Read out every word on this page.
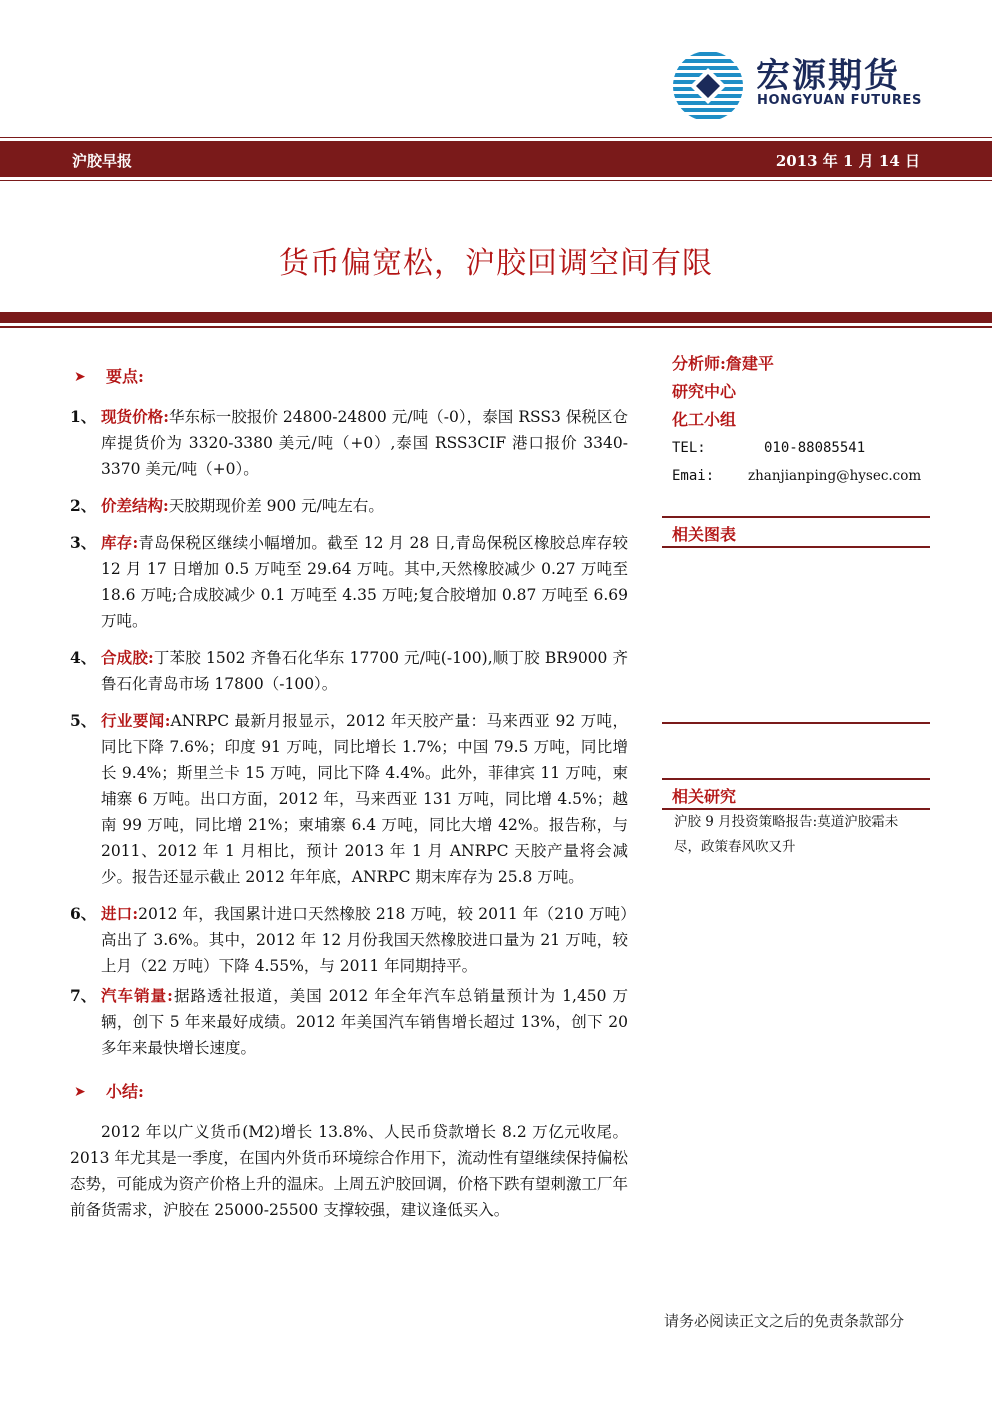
宏源期货
HONGYUAN FUTURES
沪胶早报	2013 年 1 月 14 日
货币偏宽松，沪胶回调空间有限
➤ 要点:
1、 现货价格:华东标一胶报价 24800-24800 元/吨（-0），泰国 RSS3 保税区仓库提货价为 3320-3380 美元/吨（+0）,泰国 RSS3CIF 港口报价 3340-3370 美元/吨（+0）。
2、 价差结构:天胶期现价差 900 元/吨左右。
3、 库存:青岛保税区继续小幅增加。截至 12 月 28 日,青岛保税区橡胶总库存较 12 月 17 日增加 0.5 万吨至 29.64 万吨。其中,天然橡胶减少 0.27 万吨至 18.6 万吨;合成胶减少 0.1 万吨至 4.35 万吨;复合胶增加 0.87 万吨至 6.69 万吨。
4、 合成胶:丁苯胶 1502 齐鲁石化华东 17700 元/吨(-100),顺丁胶 BR9000 齐鲁石化青岛市场 17800（-100）。
5、 行业要闻:ANRPC 最新月报显示，2012 年天胶产量：马来西亚 92 万吨，同比下降 7.6%；印度 91 万吨，同比增长 1.7%；中国 79.5 万吨，同比增长 9.4%；斯里兰卡 15 万吨，同比下降 4.4%。此外，菲律宾 11 万吨，柬埔寨 6 万吨。出口方面，2012 年，马来西亚 131 万吨，同比增 4.5%；越南 99 万吨，同比增 21%；柬埔寨 6.4 万吨，同比大增 42%。报告称，与 2011、2012 年 1 月相比，预计 2013 年 1 月 ANRPC 天胶产量将会减少。报告还显示截止 2012 年年底，ANRPC 期末库存为 25.8 万吨。
6、 进口:2012 年，我国累计进口天然橡胶 218 万吨，较 2011 年（210 万吨）高出了 3.6%。其中，2012 年 12 月份我国天然橡胶进口量为 21 万吨，较上月（22 万吨）下降 4.55%，与 2011 年同期持平。
7、 汽车销量:据路透社报道，美国 2012 年全年汽车总销量预计为 1,450 万辆，创下 5 年来最好成绩。2012 年美国汽车销售增长超过 13%，创下 20 多年来最快增长速度。
➤ 小结:
2012 年以广义货币(M2)增长 13.8%、人民币贷款增长 8.2 万亿元收尾。2013 年尤其是一季度，在国内外货币环境综合作用下，流动性有望继续保持偏松态势，可能成为资产价格上升的温床。上周五沪胶回调，价格下跌有望刺激工厂年前备货需求，沪胶在 25000-25500 支撑较强，建议逢低买入。
分析师:詹建平
研究中心
化工小组
TEL:	010-88085541
Emai:	zhanjianping@hysec.com
相关图表
相关研究
沪胶 9 月投资策略报告:莫道沪胶霜未尽，政策春风吹又升
请务必阅读正文之后的免责条款部分
